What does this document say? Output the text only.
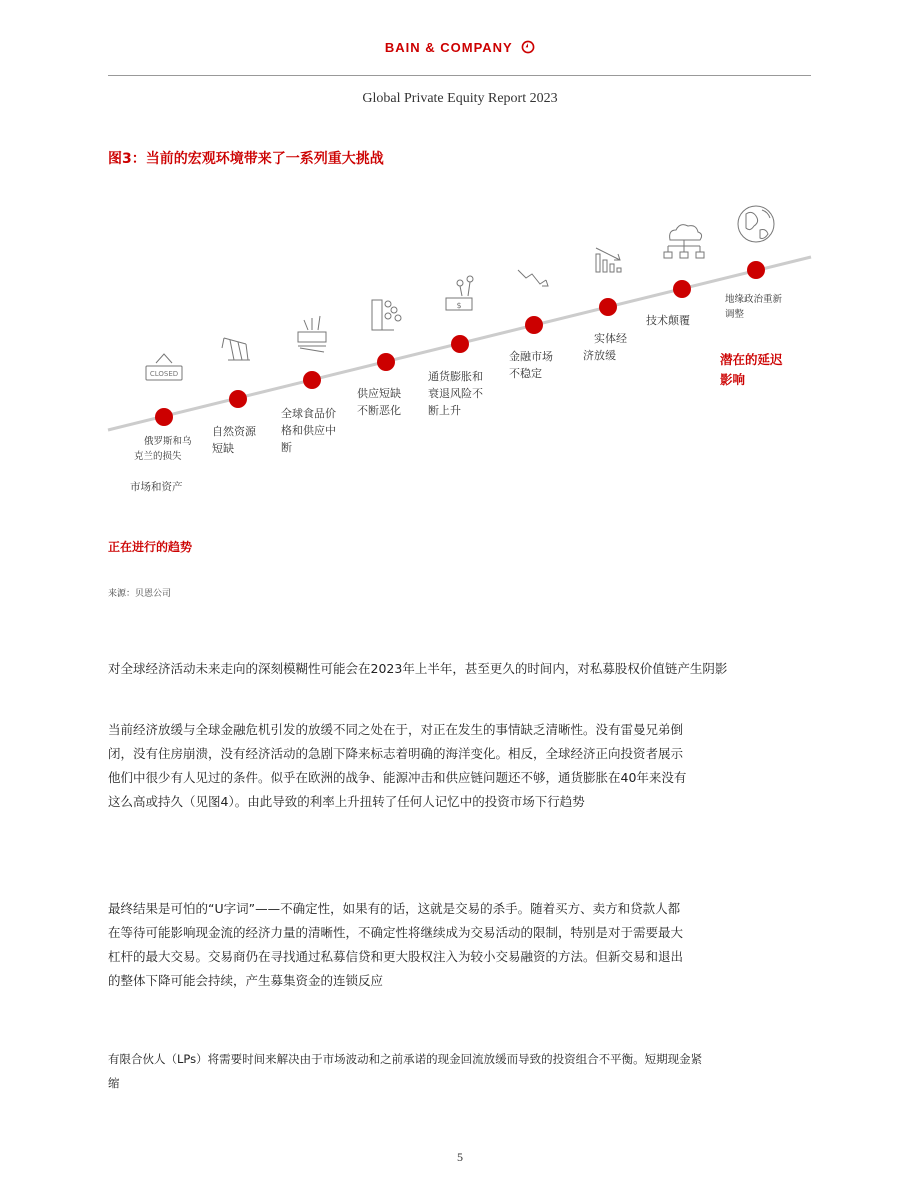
BAIN & COMPANY
Global Private Equity Report 2023
图3：当前的宏观环境带来了一系列重大挑战
CLOSED
$
俄罗斯和乌
克兰的损失
市场和资产
自然资源
短缺
全球食品价
格和供应中
断
供应短缺
不断恶化
通货膨胀和
衰退风险不
断上升
金融市场
不稳定
实体经
济放缓
技术颠覆
地缘政治重新
调整
潜在的延迟
影响
正在进行的趋势
来源：贝恩公司
对全球经济活动未来走向的深刻模糊性可能会在2023年上半年，甚至更久的时间内，对私募股权价值链产生阴影
当前经济放缓与全球金融危机引发的放缓不同之处在于，对正在发生的事情缺乏清晰性。没有雷曼兄弟倒
闭，没有住房崩溃，没有经济活动的急剧下降来标志着明确的海洋变化。相反，全球经济正向投资者展示
他们中很少有人见过的条件。似乎在欧洲的战争、能源冲击和供应链问题还不够，通货膨胀在40年来没有
这么高或持久（见图4）。由此导致的利率上升扭转了任何人记忆中的投资市场下行趋势
最终结果是可怕的“U字词”——不确定性，如果有的话，这就是交易的杀手。随着买方、卖方和贷款人都
在等待可能影响现金流的经济力量的清晰性，不确定性将继续成为交易活动的限制，特别是对于需要最大
杠杆的最大交易。交易商仍在寻找通过私募信贷和更大股权注入为较小交易融资的方法。但新交易和退出
的整体下降可能会持续，产生募集资金的连锁反应
有限合伙人（LPs）将需要时间来解决由于市场波动和之前承诺的现金回流放缓而导致的投资组合不平衡。短期现金紧
缩
5
